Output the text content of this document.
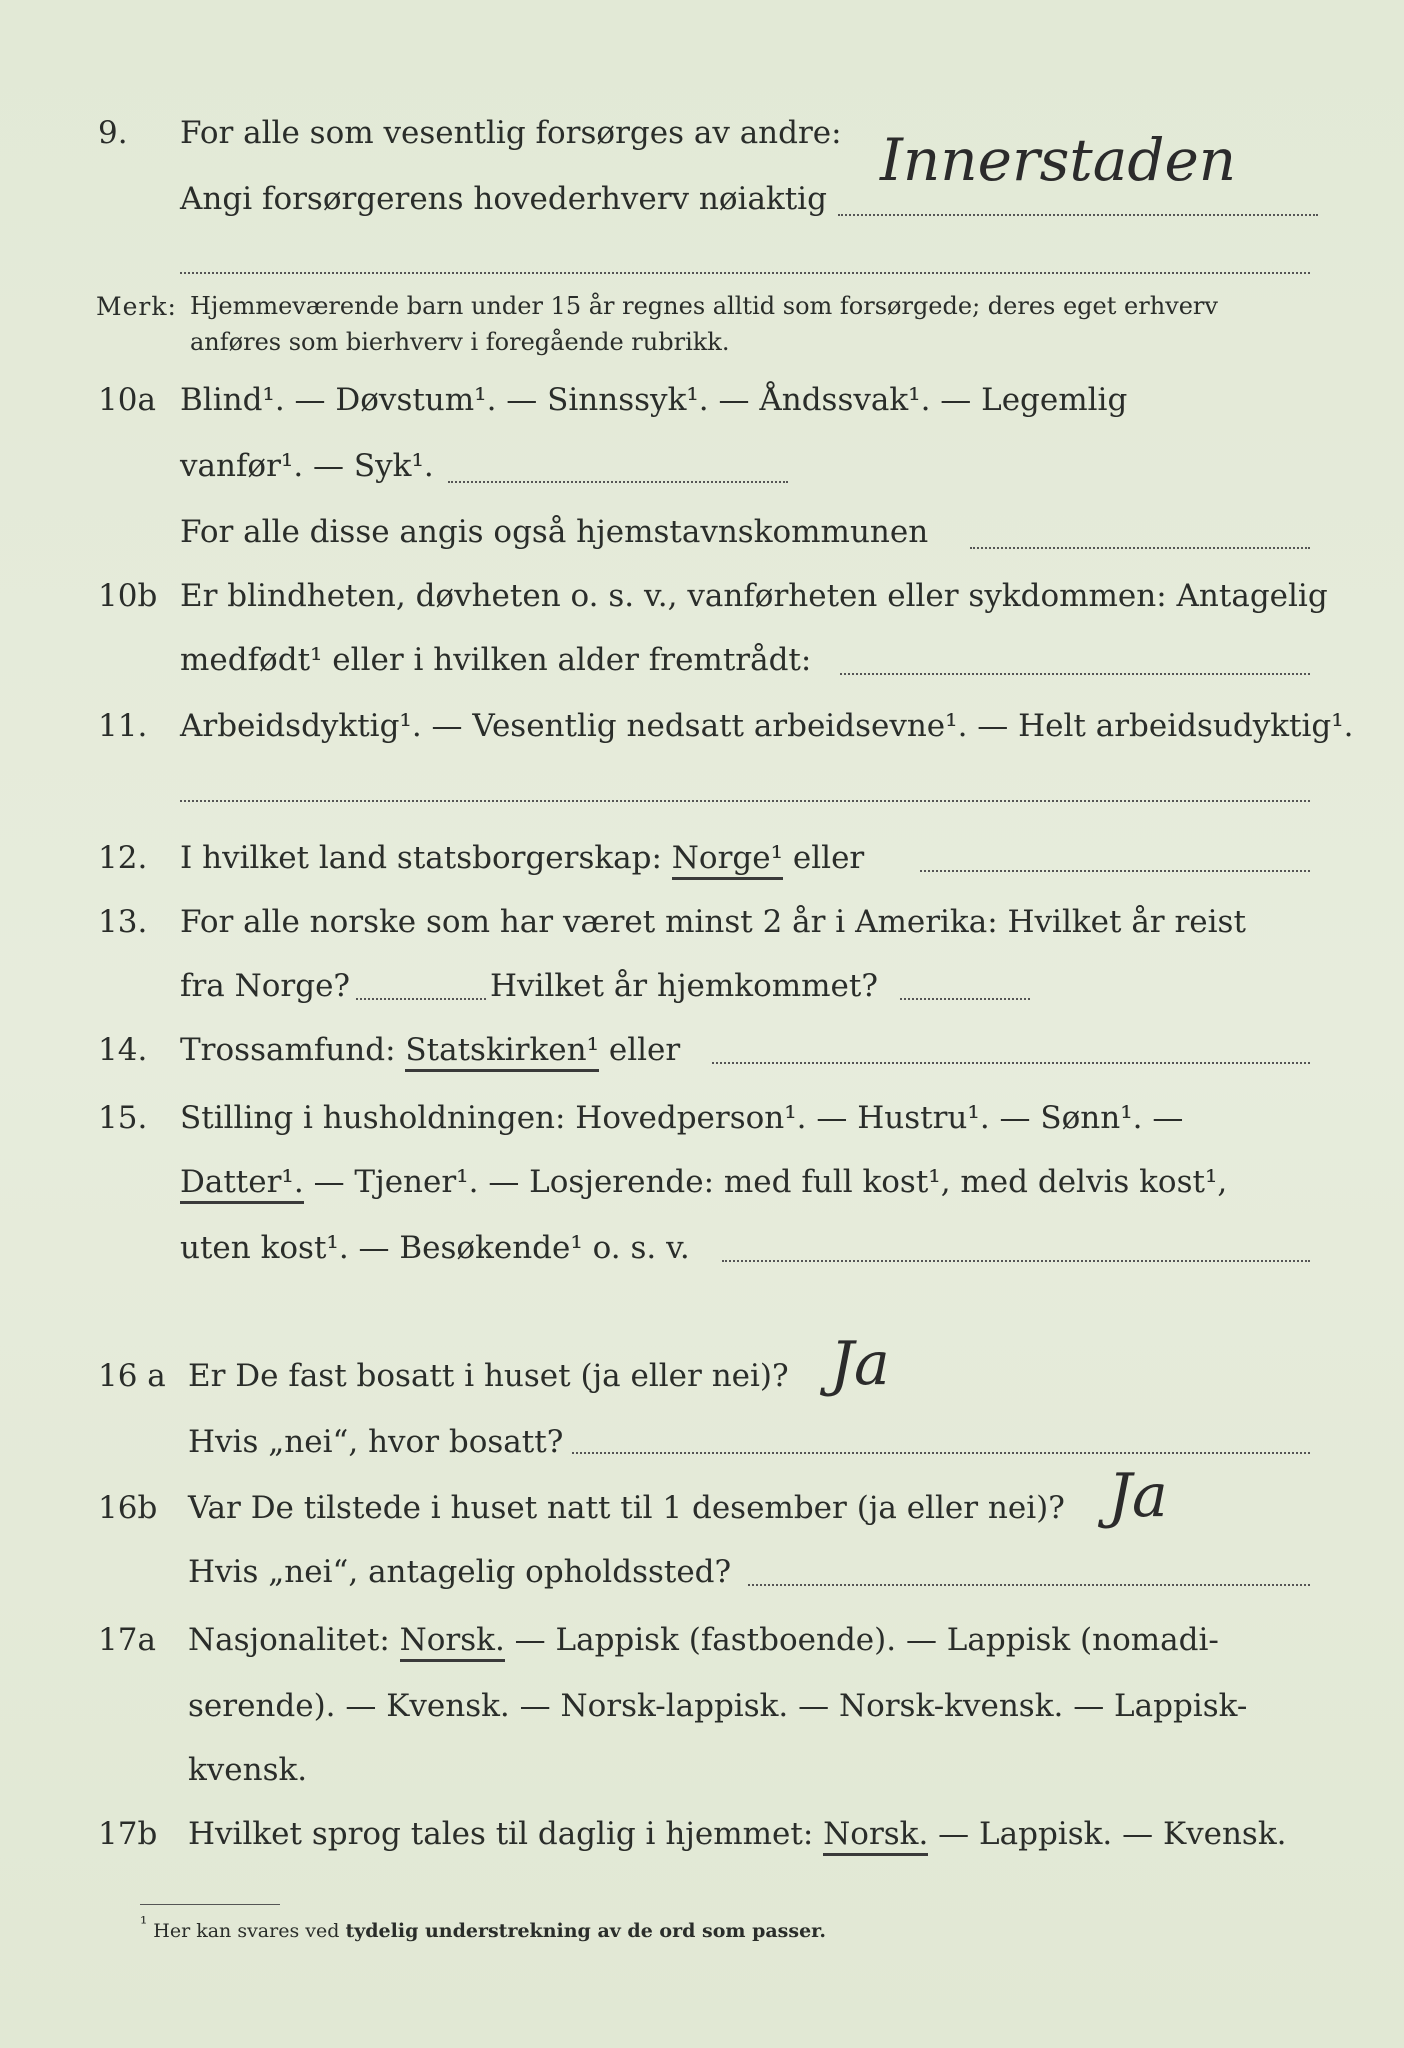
9.	For alle som vesentlig forsørges av andre:
Angi forsørgerens hovederhverv nøiaktig
Innerstaden
Merk: Hjemmeværende barn under 15 år regnes alltid som forsørgede; deres eget erhverv
anføres som bierhverv i foregående rubrikk.
10a Blind¹. — Døvstum¹. — Sinnssyk¹. — Åndssvak¹. — Legemlig
vanfør¹. — Syk¹.
For alle disse angis også hjemstavnskommunen
10b Er blindheten, døvheten o. s. v., vanførheten eller sykdommen: Antagelig
medfødt¹ eller i hvilken alder fremtrådt:
11.	Arbeidsdyktig¹. — Vesentlig nedsatt arbeidsevne¹. — Helt arbeidsudyktig¹.
12.	I hvilket land statsborgerskap: Norge¹ eller
13.	For alle norske som har været minst 2 år i Amerika: Hvilket år reist
fra Norge?	Hvilket år hjemkommet?
14.	Trossamfund: Statskirken¹ eller
15.	Stilling i husholdningen: Hovedperson¹. — Hustru¹. — Sønn¹. —
Datter¹. — Tjener¹. — Losjerende: med full kost¹, med delvis kost¹,
uten kost¹. — Besøkende¹ o. s. v.
16 a Er De fast bosatt i huset (ja eller nei)? Ja
Hvis „nei“, hvor bosatt?
16b Var De tilstede i huset natt til 1 desember (ja eller nei)? Ja
Hvis „nei“, antagelig opholdssted?
17a	Nasjonalitet: Norsk. — Lappisk (fastboende). — Lappisk (nomadi-
serende). — Kvensk. — Norsk-lappisk. — Norsk-kvensk. — Lappisk-
kvensk.
17b Hvilket sprog tales til daglig i hjemmet: Norsk. — Lappisk. — Kvensk.
¹ Her kan svares ved tydelig understrekning av de ord som passer.
